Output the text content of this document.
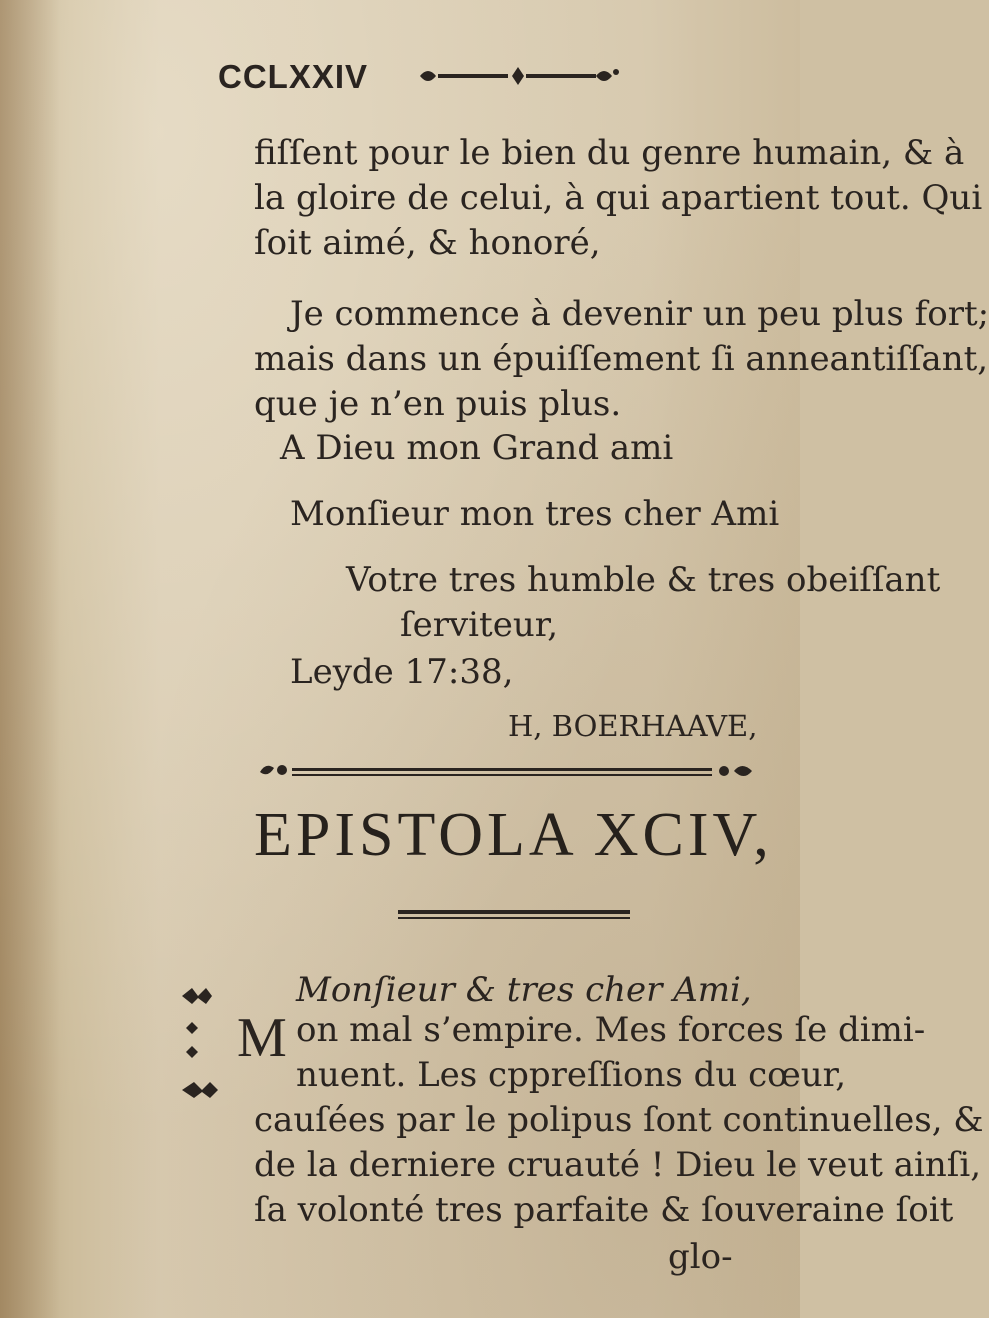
CCLXXIV
fiſſent pour le bien du genre humain, & à
la gloire de celui, à qui apartient tout. Qui
ſoit aimé, & honoré,
Je commence à devenir un peu plus fort;
mais dans un épuiſſement ſi anneantiſſant,
que je n’en puis plus.
A Dieu mon Grand ami
Monſieur mon tres cher Ami
Votre tres humble & tres obeiſſant
ſerviteur,
Leyde 17:38,
H, BOERHAAVE,
EPISTOLA XCIV,
Monſieur & tres cher Ami,
M on mal s’empire. Mes forces ſe dimi-
nuent. Les cppreſſions du cœur,
cauſées par le polipus ſont continuelles, &
de la derniere cruauté ! Dieu le veut ainſi,
ſa volonté tres parfaite & ſouveraine ſoit
glo-
